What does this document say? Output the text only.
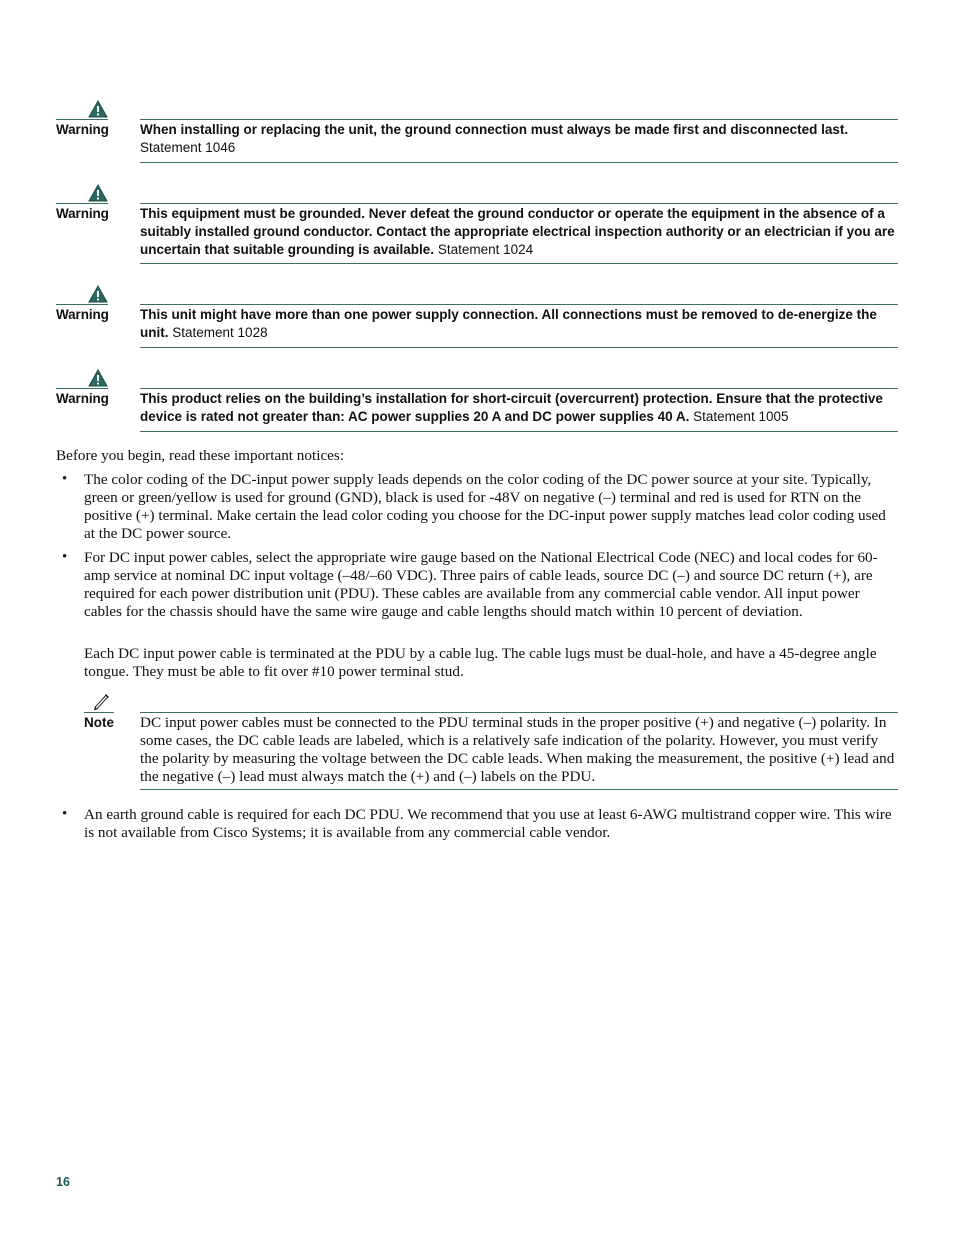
Warning When installing or replacing the unit, the ground connection must always be made first and disconnected last.
Statement 1046
Warning This equipment must be grounded. Never defeat the ground conductor or operate the equipment in the absence of a suitably installed ground conductor. Contact the appropriate electrical inspection authority or an electrician if you are uncertain that suitable grounding is available. Statement 1024
Warning This unit might have more than one power supply connection. All connections must be removed to de-energize the unit. Statement 1028
Warning This product relies on the building’s installation for short-circuit (overcurrent) protection. Ensure that the protective device is rated not greater than: AC power supplies 20 A and DC power supplies 40 A. Statement 1005
Before you begin, read these important notices:
• The color coding of the DC-input power supply leads depends on the color coding of the DC power source at your site. Typically, green or green/yellow is used for ground (GND), black is used for -48V on negative (–) terminal and red is used for RTN on the positive (+) terminal. Make certain the lead color coding you choose for the DC-input power supply matches lead color coding used at the DC power source.
• For DC input power cables, select the appropriate wire gauge based on the National Electrical Code (NEC) and local codes for 60-amp service at nominal DC input voltage (–48/–60 VDC). Three pairs of cable leads, source DC (–) and source DC return (+), are required for each power distribution unit (PDU). These cables are available from any commercial cable vendor. All input power cables for the chassis should have the same wire gauge and cable lengths should match within 10 percent of deviation.
Each DC input power cable is terminated at the PDU by a cable lug. The cable lugs must be dual-hole, and have a 45-degree angle tongue. They must be able to fit over #10 power terminal stud.
Note DC input power cables must be connected to the PDU terminal studs in the proper positive (+) and negative (–) polarity. In some cases, the DC cable leads are labeled, which is a relatively safe indication of the polarity. However, you must verify the polarity by measuring the voltage between the DC cable leads. When making the measurement, the positive (+) lead and the negative (–) lead must always match the (+) and (–) labels on the PDU.
• An earth ground cable is required for each DC PDU. We recommend that you use at least 6-AWG multistrand copper wire. This wire is not available from Cisco Systems; it is available from any commercial cable vendor.
16
